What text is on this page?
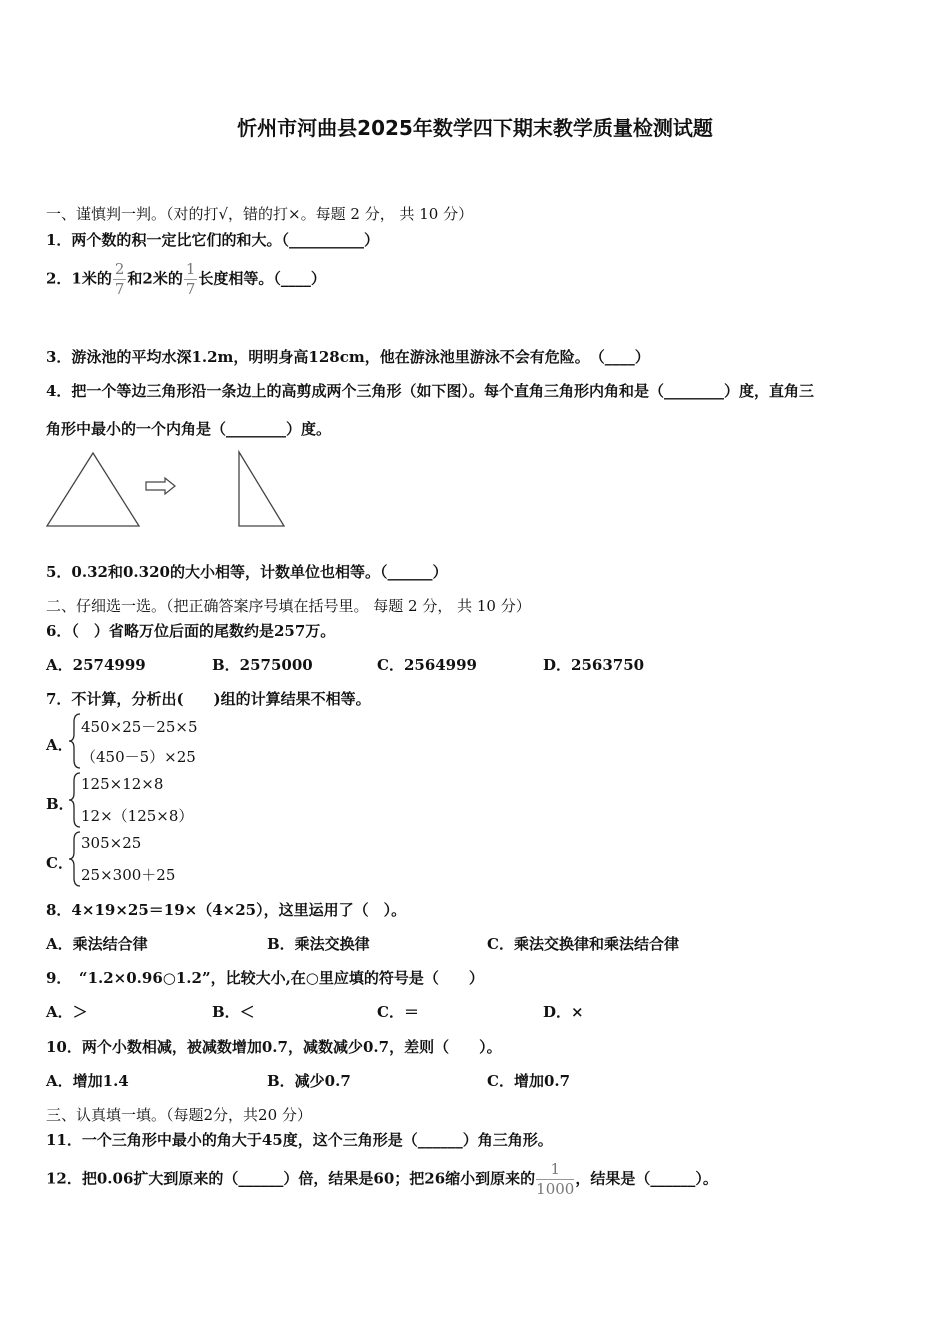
忻州市河曲县2025年数学四下期末教学质量检测试题
一、谨慎判一判。（对的打√，错的打×。每题 2 分， 共 10 分）
1．两个数的积一定比它们的和大。（__________）
2．1米的 $\frac{2}{7}$ 和2米的 $\frac{1}{7}$ 长度相等。（____）
3．游泳池的平均水深1.2m，明明身高128cm，他在游泳池里游泳不会有危险。　（____）
4．把一个等边三角形沿一条边上的高剪成两个三角形（如下图）。每个直角三角形内角和是（________）度，直角三
角形中最小的一个内角是（________）度。
5．0.32和0.320的大小相等，计数单位也相等。（______）
二、仔细选一选。（把正确答案序号填在括号里。 每题 2 分， 共 10 分）
6．（　）省略万位后面的尾数约是257万。
A．2574999	B．2575000	C．2564999	D．2563750
7．不计算，分析出(　　)组的计算结果不相等。
A．
450×25－25×5
（450－5）×25
B．
125×12×8
12×（125×8）
C．
305×25
25×300＋25
8．4×19×25＝19×（4×25），这里运用了（　）。
A．乘法结合律	B．乘法交换律	C．乘法交换律和乘法结合律
9．　“1.2×0.96○1.2”，比较大小,在○里应填的符号是（　　）
A．＞	B．＜	C．＝	D．×
10．两个小数相减，被减数增加0.7，减数减少0.7，差则（　　）。
A．增加1.4	B．减少0.7	C．增加0.7
三、认真填一填。（每题2分，共20 分）
11．一个三角形中最小的角大于45度，这个三角形是（______）角三角形。
12．把0.06扩大到原来的（______）倍，结果是60；把26缩小到原来的 $\frac{1}{1000}$ ，结果是（______）。
